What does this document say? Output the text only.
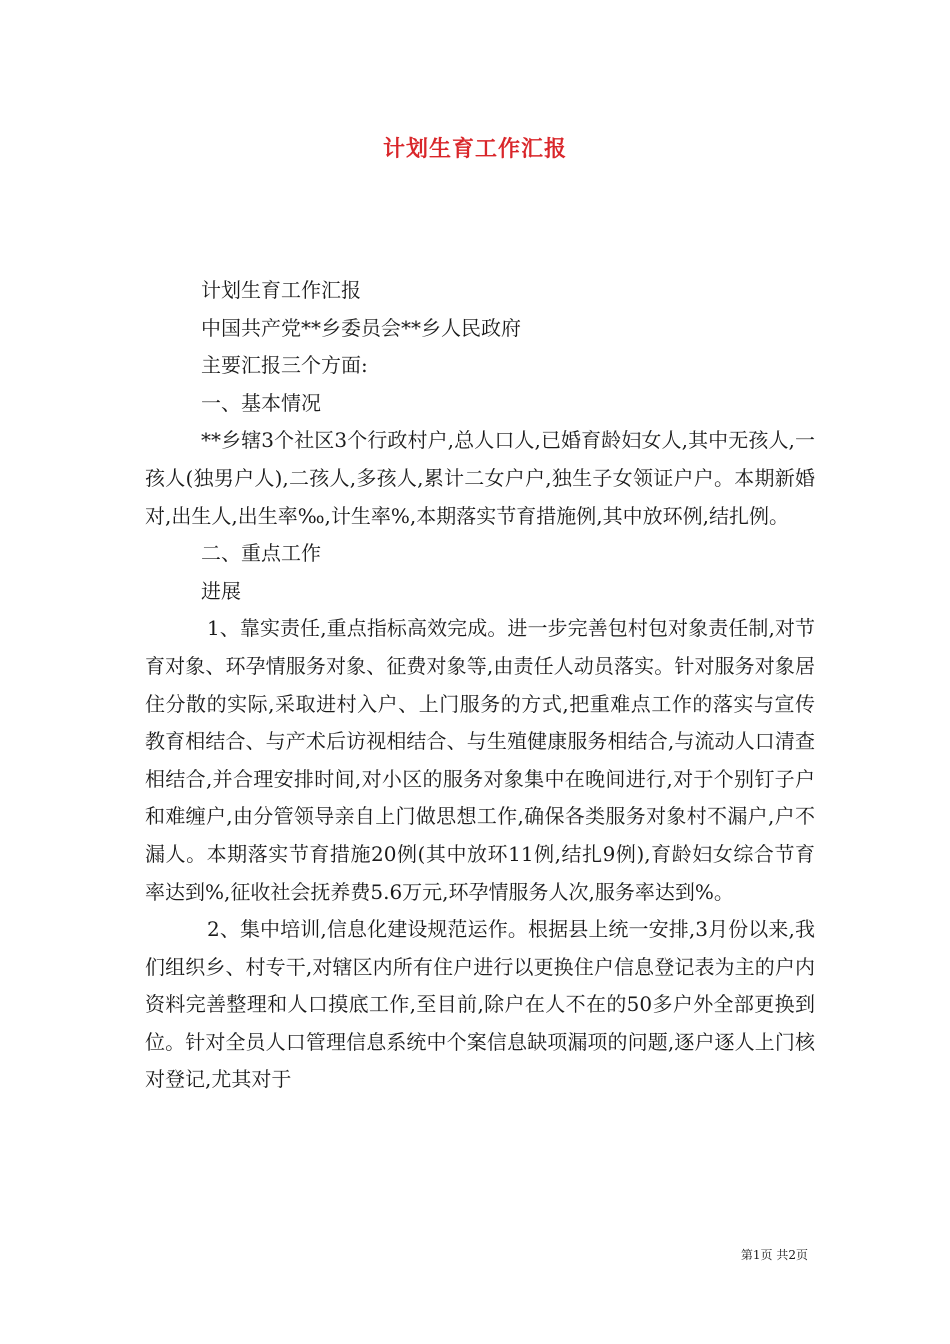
计划生育工作汇报

计划生育工作汇报

中国共产党**乡委员会**乡人民政府

主要汇报三个方面:

一、基本情况

**乡辖3个社区3个行政村户,总人口人,已婚育龄妇女人,其中无孩人,一孩人(独男户人),二孩人,多孩人,累计二女户户,独生子女领证户户。本期新婚对,出生人,出生率‰,计生率%,本期落实节育措施例,其中放环例,结扎例。

二、重点工作

进展

1、靠实责任,重点指标高效完成。进一步完善包村包对象责任制,对节育对象、环孕情服务对象、征费对象等,由责任人动员落实。针对服务对象居住分散的实际,采取进村入户、上门服务的方式,把重难点工作的落实与宣传教育相结合、与产术后访视相结合、与生殖健康服务相结合,与流动人口清查相结合,并合理安排时间,对小区的服务对象集中在晚间进行,对于个别钉子户和难缠户,由分管领导亲自上门做思想工作,确保各类服务对象村不漏户,户不漏人。本期落实节育措施20例(其中放环11例,结扎9例),育龄妇女综合节育率达到%,征收社会抚养费5.6万元,环孕情服务人次,服务率达到%。

2、集中培训,信息化建设规范运作。根据县上统一安排,3月份以来,我们组织乡、村专干,对辖区内所有住户进行以更换住户信息登记表为主的户内资料完善整理和人口摸底工作,至目前,除户在人不在的50多户外全部更换到位。针对全员人口管理信息系统中个案信息缺项漏项的问题,逐户逐人上门核对登记,尤其对于

第1页 共2页
